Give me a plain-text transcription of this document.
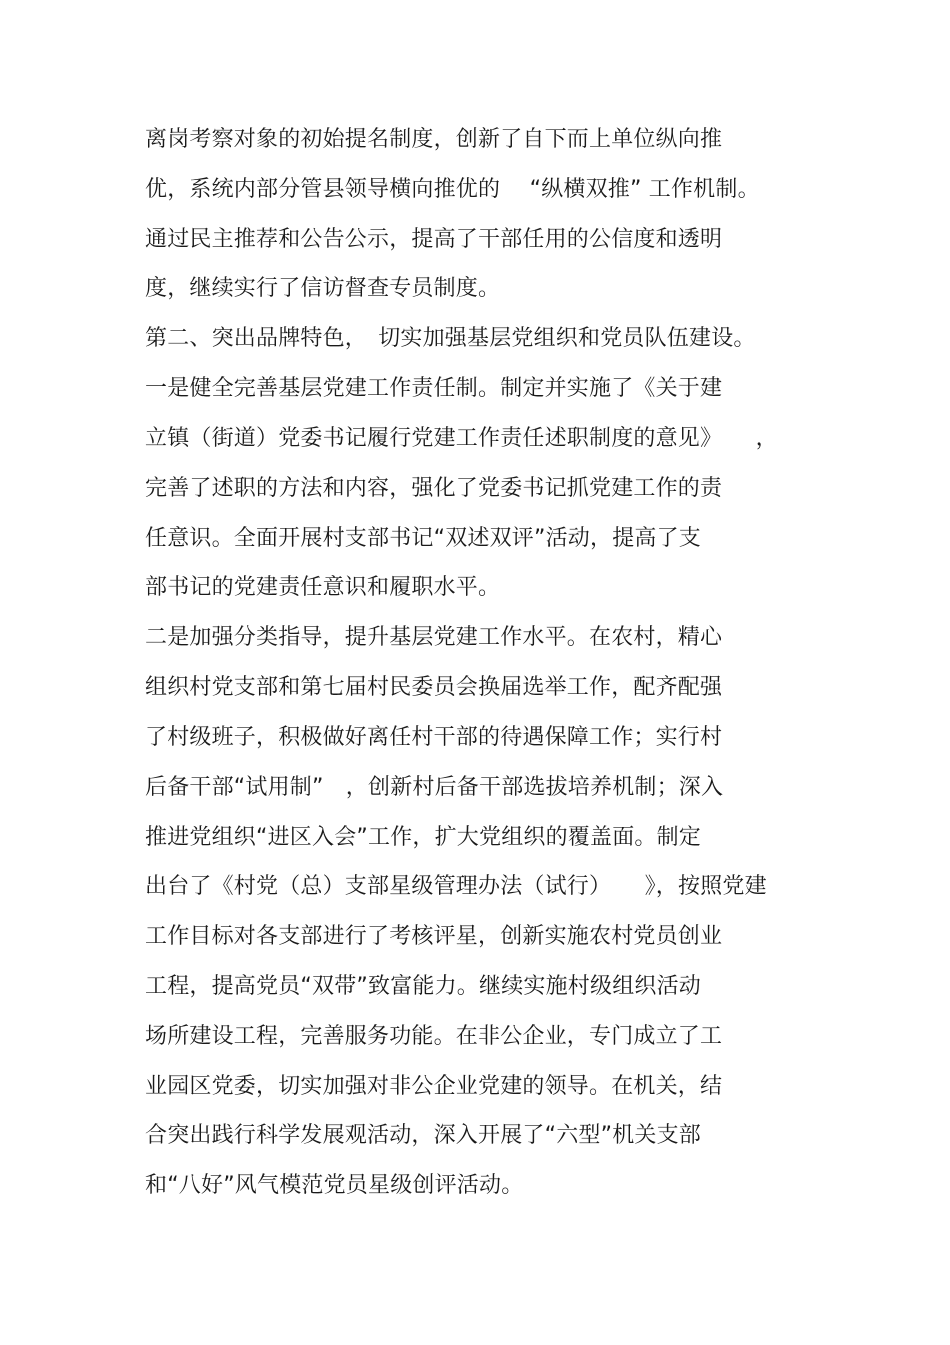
离岗考察对象的初始提名制度，创新了自下而上单位纵向推
优，系统内部分管县领导横向推优的　 “纵横双推” 工作机制。
通过民主推荐和公告公示，提高了干部任用的公信度和透明
度，继续实行了信访督查专员制度。
第二、突出品牌特色，　切实加强基层党组织和党员队伍建设。
一是健全完善基层党建工作责任制。制定并实施了《关于建
立镇（街道）党委书记履行党建工作责任述职制度的意见》　　，
完善了述职的方法和内容，强化了党委书记抓党建工作的责
任意识。全面开展村支部书记“双述双评”活动，提高了支
部书记的党建责任意识和履职水平。
二是加强分类指导，提升基层党建工作水平。在农村，精心
组织村党支部和第七届村民委员会换届选举工作，配齐配强
了村级班子，积极做好离任村干部的待遇保障工作；实行村
后备干部“试用制”　，创新村后备干部选拔培养机制；深入
推进党组织“进区入会”工作，扩大党组织的覆盖面。制定
出台了《村党（总）支部星级管理办法（试行）　　》，按照党建
工作目标对各支部进行了考核评星，创新实施农村党员创业
工程，提高党员“双带”致富能力。继续实施村级组织活动
场所建设工程，完善服务功能。在非公企业，专门成立了工
业园区党委，切实加强对非公企业党建的领导。在机关，结
合突出践行科学发展观活动，深入开展了“六型”机关支部
和“八好”风气模范党员星级创评活动。
